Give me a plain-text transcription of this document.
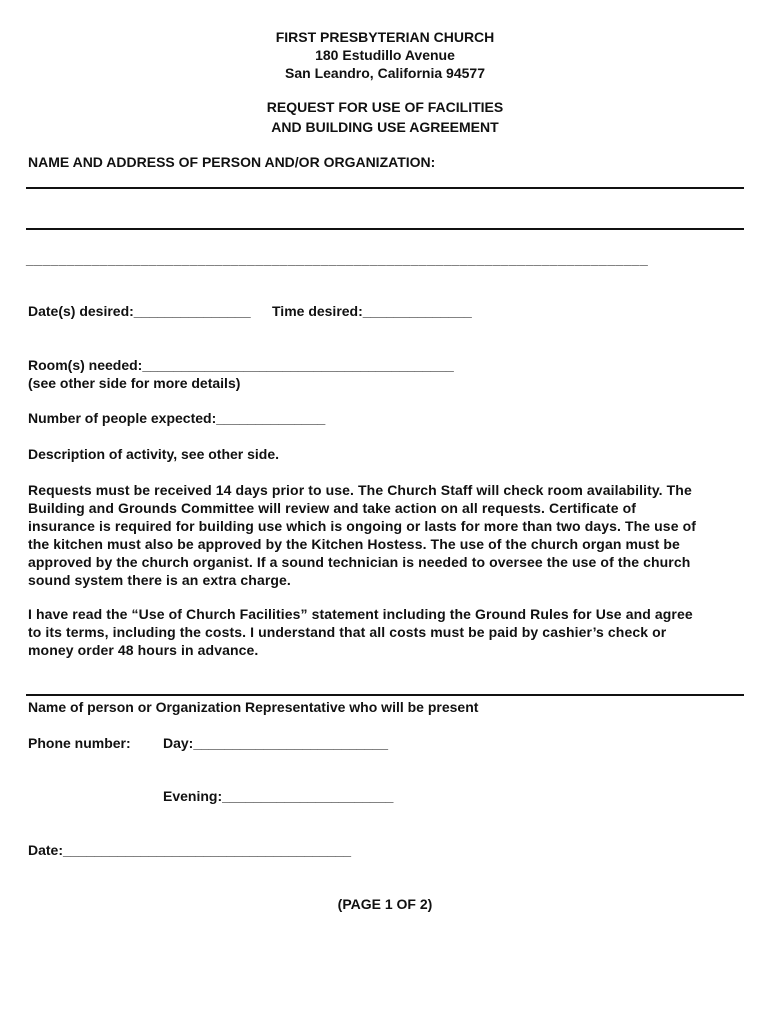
FIRST PRESBYTERIAN CHURCH
180 Estudillo Avenue
San Leandro, California 94577
REQUEST FOR USE OF FACILITIES
AND BUILDING USE AGREEMENT
NAME AND ADDRESS OF PERSON AND/OR ORGANIZATION:
____________________________________________________________________________
Date(s) desired:_______________ Time desired:______________
Room(s) needed:________________________________________
(see other side for more details)
Number of people expected:______________
Description of activity, see other side.
Requests must be received 14 days prior to use. The Church Staff will check room availability. The
Building and Grounds Committee will review and take action on all requests. Certificate of
insurance is required for building use which is ongoing or lasts for more than two days. The use of
the kitchen must also be approved by the Kitchen Hostess. The use of the church organ must be
approved by the church organist. If a sound technician is needed to oversee the use of the church
sound system there is an extra charge.
I have read the “Use of Church Facilities” statement including the Ground Rules for Use and agree
to its terms, including the costs. I understand that all costs must be paid by cashier’s check or
money order 48 hours in advance.
Name of person or Organization Representative who will be present
Phone number: Day:_________________________
Evening:______________________
Date:_____________________________________
(PAGE 1 OF 2)
